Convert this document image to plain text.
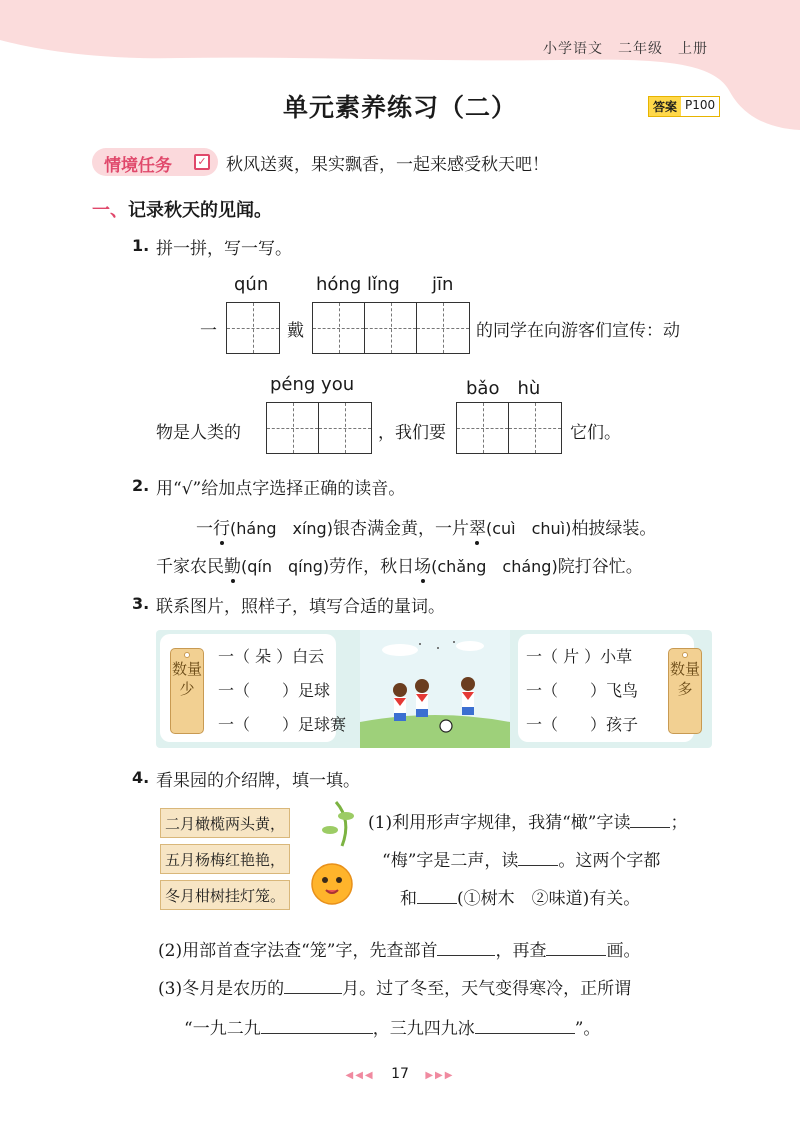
小学语文　二年级　上册
单元素养练习（二）	答案 P100
情境任务	✓ 秋风送爽，果实飘香，一起来感受秋天吧！
一、记录秋天的见闻。
1. 拼一拼，写一写。
qún	hóng lǐng jīn
一	戴	的同学在向游客们宣传：动
péng you	bǎo　hù
物是人类的	，我们要	它们。
2. 用“√”给加点字选择正确的读音。
一行(háng　xíng)银杏满金黄，一片翠(cuì　chuì)柏披绿装。
千家农民勤(qín　qíng)劳作，秋日场(chǎng　cháng)院打谷忙。
3. 联系图片，照样子，填写合适的量词。
一（ 朵 ）白云
一（　　）足球
一（　　）足球赛
数量少
一（ 片 ）小草
一（　　）飞鸟
一（　　）孩子
数量多
4. 看果园的介绍牌，填一填。
二月橄榄两头黄，
五月杨梅红艳艳，
冬月柑树挂灯笼。
(1)利用形声字规律，我猜“橄”字读 ；
“梅”字是二声，读 。这两个字都
和 (①树木　②味道)有关。
(2)用部首查字法查“笼”字，先查部首	，再查	画。
(3)冬月是农历的	月。过了冬至，天气变得寒冷，正所谓
“一九二九	，三九四九冰	”。
◀◀◀ 17 ▶▶▶
